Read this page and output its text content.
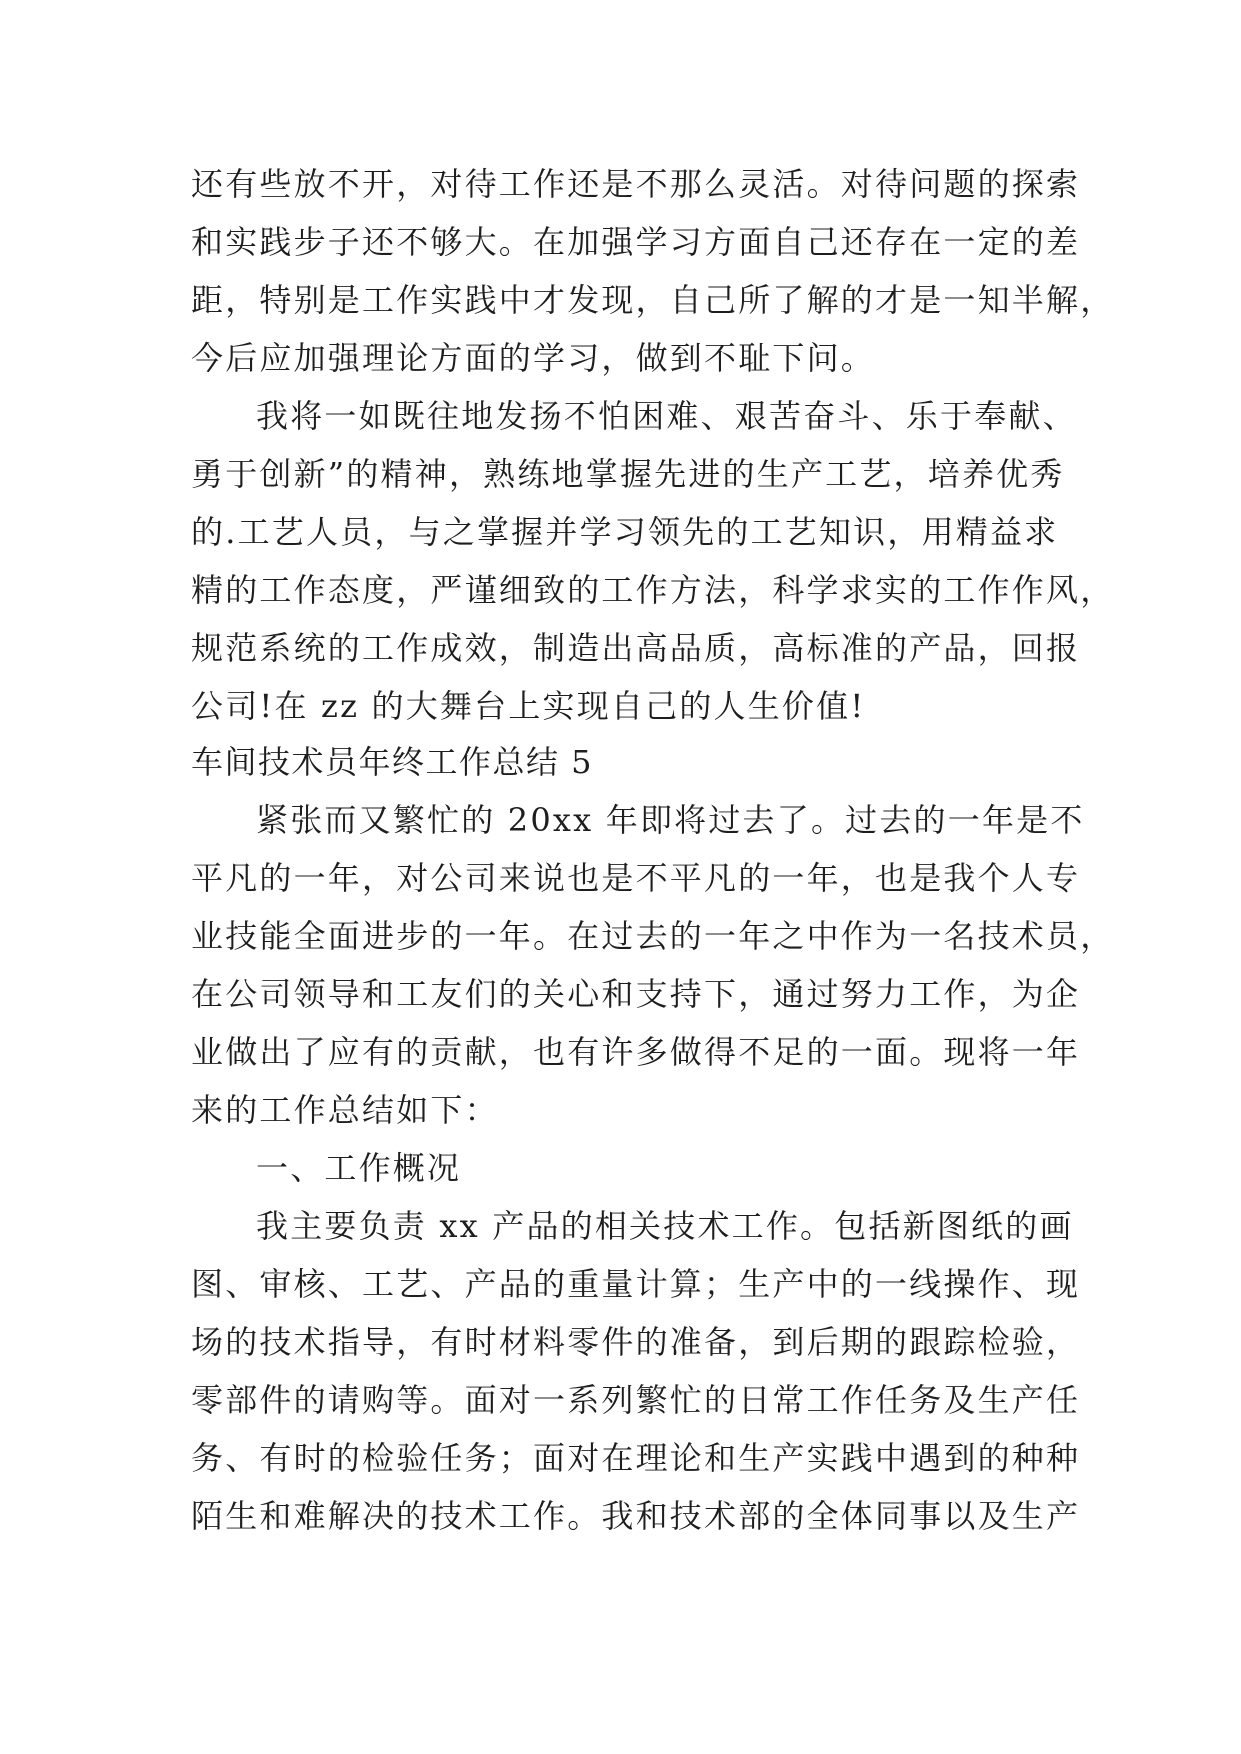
还有些放不开，对待工作还是不那么灵活。对待问题的探索
和实践步子还不够大。在加强学习方面自己还存在一定的差
距，特别是工作实践中才发现，自己所了解的才是一知半解，
今后应加强理论方面的学习，做到不耻下问。
我将一如既往地发扬不怕困难、艰苦奋斗、乐于奉献、
勇于创新”的精神，熟练地掌握先进的生产工艺，培养优秀
的.工艺人员，与之掌握并学习领先的工艺知识，用精益求
精的工作态度，严谨细致的工作方法，科学求实的工作作风，
规范系统的工作成效，制造出高品质，高标准的产品，回报
公司!在 zz 的大舞台上实现自己的人生价值!
车间技术员年终工作总结 5
紧张而又繁忙的 20xx 年即将过去了。过去的一年是不
平凡的一年，对公司来说也是不平凡的一年，也是我个人专
业技能全面进步的一年。在过去的一年之中作为一名技术员，
在公司领导和工友们的关心和支持下，通过努力工作，为企
业做出了应有的贡献，也有许多做得不足的一面。现将一年
来的工作总结如下：
一、工作概况
我主要负责 xx 产品的相关技术工作。包括新图纸的画
图、审核、工艺、产品的重量计算；生产中的一线操作、现
场的技术指导，有时材料零件的准备，到后期的跟踪检验，
零部件的请购等。面对一系列繁忙的日常工作任务及生产任
务、有时的检验任务；面对在理论和生产实践中遇到的种种
陌生和难解决的技术工作。我和技术部的全体同事以及生产
